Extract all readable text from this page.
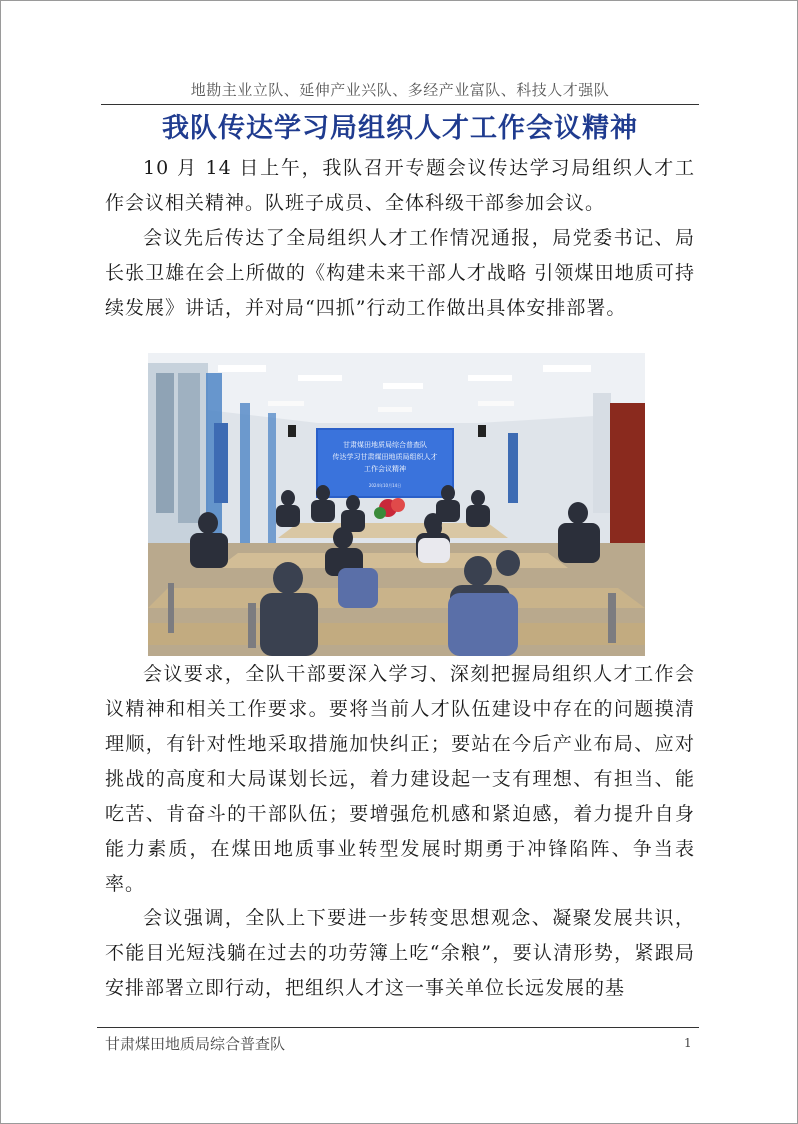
地勘主业立队、延伸产业兴队、多经产业富队、科技人才强队
我队传达学习局组织人才工作会议精神

10 月 14 日上午，我队召开专题会议传达学习局组织人才工作会议相关精神。队班子成员、全体科级干部参加会议。

会议先后传达了全局组织人才工作情况通报，局党委书记、局长张卫雄在会上所做的《构建未来干部人才战略 引领煤田地质可持续发展》讲话，并对局“四抓”行动工作做出具体安排部署。

甘肃煤田地质局综合普查队
传达学习甘肃煤田地质局组织人才
工作会议精神
2024年10月14日

会议要求，全队干部要深入学习、深刻把握局组织人才工作会议精神和相关工作要求。要将当前人才队伍建设中存在的问题摸清理顺，有针对性地采取措施加快纠正；要站在今后产业布局、应对挑战的高度和大局谋划长远，着力建设起一支有理想、有担当、能吃苦、肯奋斗的干部队伍；要增强危机感和紧迫感，着力提升自身能力素质，在煤田地质事业转型发展时期勇于冲锋陷阵、争当表率。

会议强调，全队上下要进一步转变思想观念、凝聚发展共识，不能目光短浅躺在过去的功劳簿上吃“余粮”，要认清形势，紧跟局安排部署立即行动，把组织人才这一事关单位长远发展的基

甘肃煤田地质局综合普查队	1
